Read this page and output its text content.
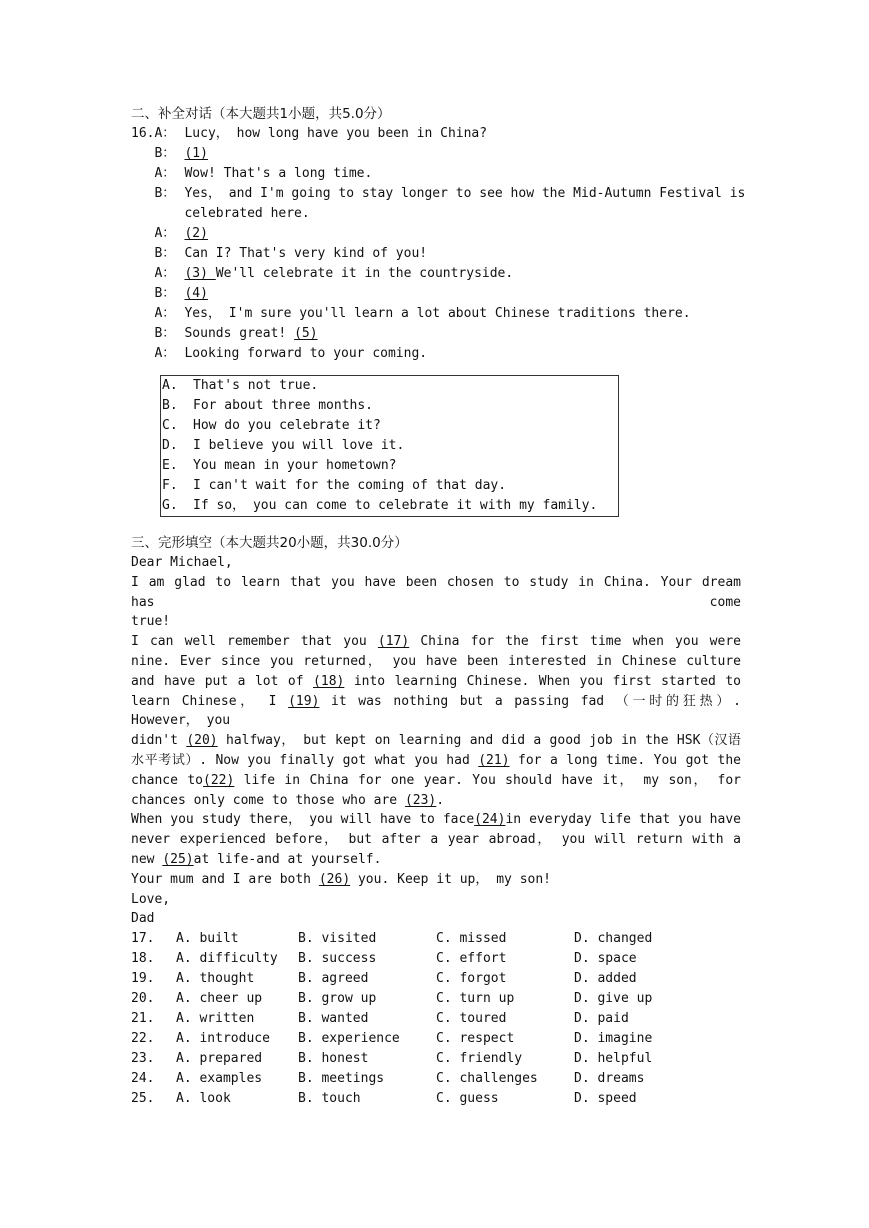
二、补全对话（本大题共1小题，共5.0分）
16. A： Lucy， how long have you been in China?
B： (1)
A： Wow! That's a long time.
B： Yes， and I'm going to stay longer to see how the Mid-Autumn Festival is
celebrated here.
A： (2)
B： Can I? That's very kind of you!
A： (3) We'll celebrate it in the countryside.
B： (4)
A： Yes， I'm sure you'll learn a lot about Chinese traditions there.
B： Sounds great! (5)
A： Looking forward to your coming.
A. That's not true.
B. For about three months.
C. How do you celebrate it?
D. I believe you will love it.
E. You mean in your hometown?
F. I can't wait for the coming of that day.
G. If so， you can come to celebrate it with my family.
三、完形填空（本大题共20小题，共30.0分）

Dear Michael,

I am glad to learn that you have been chosen to study in China. Your dream has come

true!

I can well remember that you (17) China for the first time when you were nine. Ever since you returned， you have been interested in Chinese culture and have put a lot of (18) into learning Chinese. When you first started to learn Chinese， I (19) it was nothing but a passing fad （一时的狂热）. However， you

didn't (20) halfway， but kept on learning and did a good job in the HSK（汉语水平考试）. Now you finally got what you had (21) for a long time. You got the chance to(22) life in China for one year. You should have it， my son， for chances only come to those who are (23).

When you study there， you will have to face(24)in everyday life that you have never experienced before， but after a year abroad， you will return with a new (25)at life-and at yourself.

Your mum and I are both (26) you. Keep it up， my son!

Love,

Dad

17.	A. built	B. visited	C. missed	D. changed
18.	A. difficulty	B. success	C. effort	D. space
19.	A. thought	B. agreed	C. forgot	D. added
20.	A. cheer up	B. grow up	C. turn up	D. give up
21.	A. written	B. wanted	C. toured	D. paid
22.	A. introduce	B. experience	C. respect	D. imagine
23.	A. prepared	B. honest	C. friendly	D. helpful
24.	A. examples	B. meetings	C. challenges	D. dreams
25.	A. look	B. touch	C. guess	D. speed
